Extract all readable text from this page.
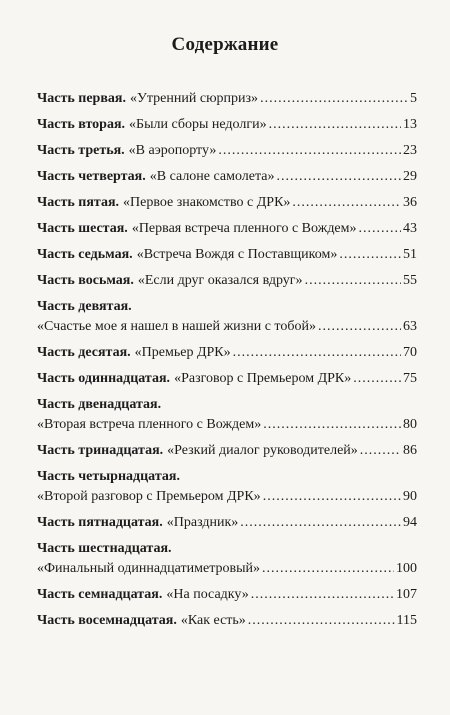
Содержание
Часть первая. «Утренний сюрприз» .....	5
Часть вторая. «Были сборы недолги» .....	13
Часть третья. «В аэропорту» .....	23
Часть четвертая. «В салоне самолета» .....	29
Часть пятая. «Первое знакомство с ДРК» .....	36
Часть шестая. «Первая встреча пленного с Вождем» .....	43
Часть седьмая. «Встреча Вождя с Поставщиком» .....	51
Часть восьмая. «Если друг оказался вдруг» .....	55
Часть девятая.
«Счастье мое я нашел в нашей жизни с тобой» .....	63
Часть десятая. «Премьер ДРК» .....	70
Часть одиннадцатая. «Разговор с Премьером ДРК» .....	75
Часть двенадцатая.
«Вторая встреча пленного с Вождем» .....	80
Часть тринадцатая. «Резкий диалог руководителей» .....	86
Часть четырнадцатая.
«Второй разговор с Премьером ДРК» .....	90
Часть пятнадцатая. «Праздник» .....	94
Часть шестнадцатая.
«Финальный одиннадцатиметровый» .....	100
Часть семнадцатая. «На посадку» .....	107
Часть восемнадцатая. «Как есть» .....	115
